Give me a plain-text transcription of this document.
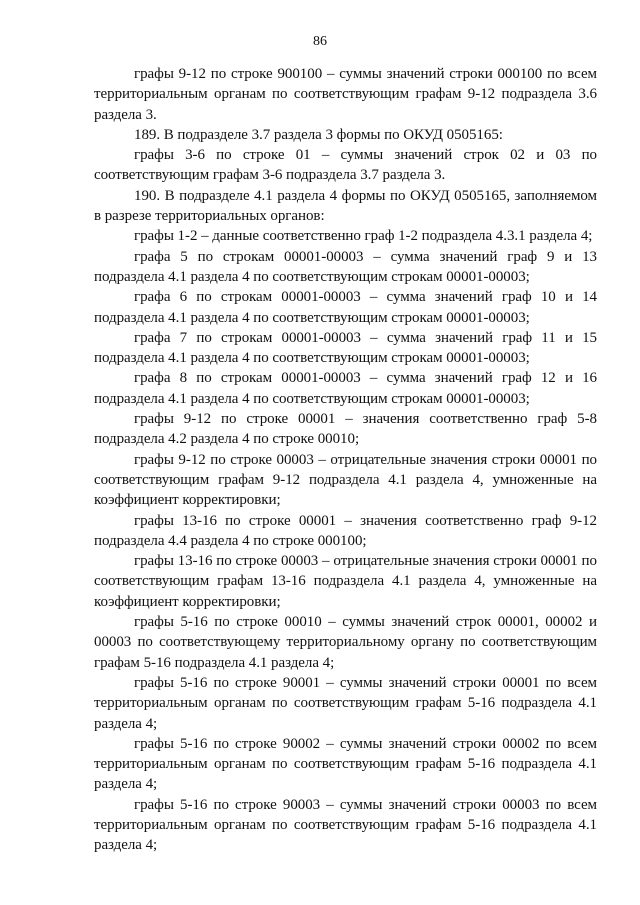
86

графы 9-12 по строке 900100 – суммы значений строки 000100 по всем территориальным органам по соответствующим графам 9-12 подраздела 3.6 раздела 3.

189. В подразделе 3.7 раздела 3 формы по ОКУД 0505165:

графы 3-6 по строке 01 – суммы значений строк 02 и 03 по соответствующим графам 3-6 подраздела 3.7 раздела 3.

190. В подразделе 4.1 раздела 4 формы по ОКУД 0505165, заполняемом в разрезе территориальных органов:

графы 1-2 – данные соответственно граф 1-2 подраздела 4.3.1 раздела 4;

графа 5 по строкам 00001-00003 – сумма значений граф 9 и 13 подраздела 4.1 раздела 4 по соответствующим строкам 00001-00003;

графа 6 по строкам 00001-00003 – сумма значений граф 10 и 14 подраздела 4.1 раздела 4 по соответствующим строкам 00001-00003;

графа 7 по строкам 00001-00003 – сумма значений граф 11 и 15 подраздела 4.1 раздела 4 по соответствующим строкам 00001-00003;

графа 8 по строкам 00001-00003 – сумма значений граф 12 и 16 подраздела 4.1 раздела 4 по соответствующим строкам 00001-00003;

графы 9-12 по строке 00001 – значения соответственно граф 5-8 подраздела 4.2 раздела 4 по строке 00010;

графы 9-12 по строке 00003 – отрицательные значения строки 00001 по соответствующим графам 9-12 подраздела 4.1 раздела 4, умноженные на коэффициент корректировки;

графы 13-16 по строке 00001 – значения соответственно граф 9-12 подраздела 4.4 раздела 4 по строке 000100;

графы 13-16 по строке 00003 – отрицательные значения строки 00001 по соответствующим графам 13-16 подраздела 4.1 раздела 4, умноженные на коэффициент корректировки;

графы 5-16 по строке 00010 – суммы значений строк 00001, 00002 и 00003 по соответствующему территориальному органу по соответствующим графам 5-16 подраздела 4.1 раздела 4;

графы 5-16 по строке 90001 – суммы значений строки 00001 по всем территориальным органам по соответствующим графам 5-16 подраздела 4.1 раздела 4;

графы 5-16 по строке 90002 – суммы значений строки 00002 по всем территориальным органам по соответствующим графам 5-16 подраздела 4.1 раздела 4;

графы 5-16 по строке 90003 – суммы значений строки 00003 по всем территориальным органам по соответствующим графам 5-16 подраздела 4.1 раздела 4;
